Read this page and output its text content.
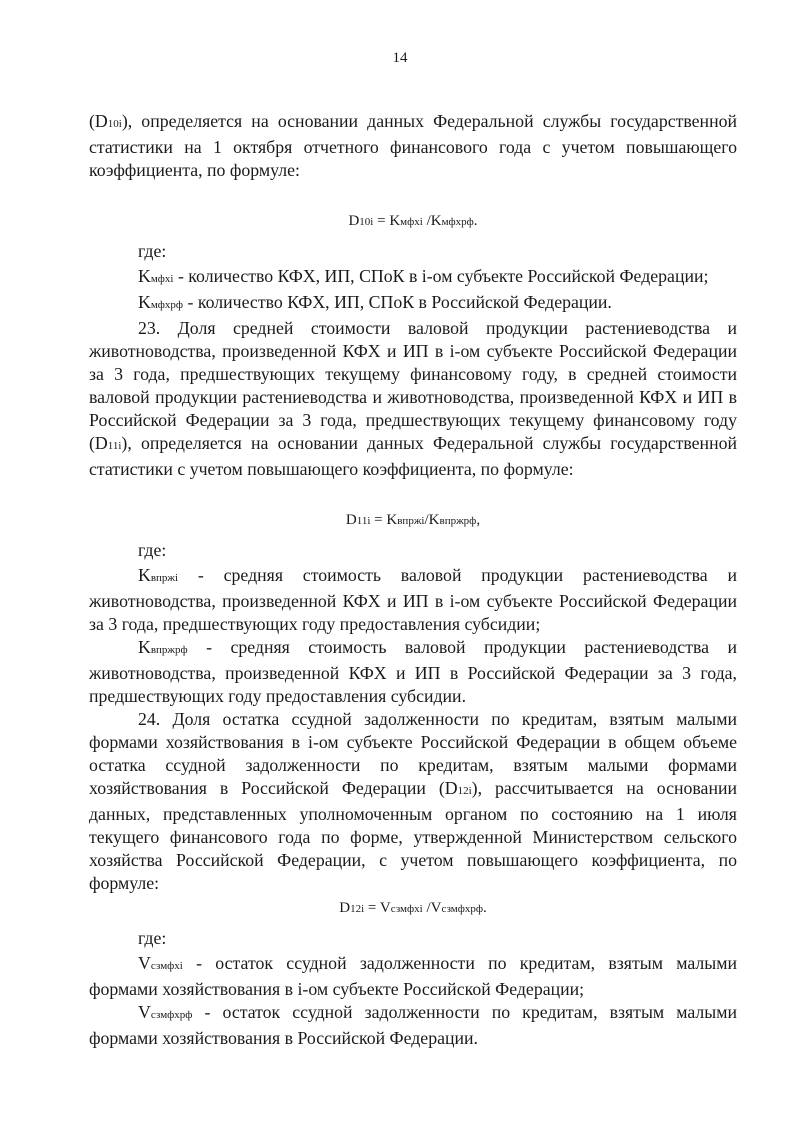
14

(D10i), определяется на основании данных Федеральной службы государственной статистики на 1 октября отчетного финансового года с учетом повышающего коэффициента, по формуле:

D10i = Kмфхi /Kмфхрф.

где:

Kмфхi - количество КФХ, ИП, СПоК в i-ом субъекте Российской Федерации;

Kмфхрф - количество КФХ, ИП, СПоК в Российской Федерации.

23. Доля средней стоимости валовой продукции растениеводства и животноводства, произведенной КФХ и ИП в i-ом субъекте Российской Федерации за 3 года, предшествующих текущему финансовому году, в средней стоимости валовой продукции растениеводства и животноводства, произведенной КФХ и ИП в Российской Федерации за 3 года, предшествующих текущему финансовому году (D11i), определяется на основании данных Федеральной службы государственной статистики с учетом повышающего коэффициента, по формуле:

D11i = Kвпржi/Kвпржрф,

где:

Kвпржi - средняя стоимость валовой продукции растениеводства и животноводства, произведенной КФХ и ИП в i-ом субъекте Российской Федерации за 3 года, предшествующих году предоставления субсидии;

Kвпржрф - средняя стоимость валовой продукции растениеводства и животноводства, произведенной КФХ и ИП в Российской Федерации за 3 года, предшествующих году предоставления субсидии.

24. Доля остатка ссудной задолженности по кредитам, взятым малыми формами хозяйствования в i-ом субъекте Российской Федерации в общем объеме остатка ссудной задолженности по кредитам, взятым малыми формами хозяйствования в Российской Федерации (D12i), рассчитывается на основании данных, представленных уполномоченным органом по состоянию на 1 июля текущего финансового года по форме, утвержденной Министерством сельского хозяйства Российской Федерации, с учетом повышающего коэффициента, по формуле:

D12i = Vсзмфхi /Vсзмфхрф.

где:

Vсзмфхi - остаток ссудной задолженности по кредитам, взятым малыми формами хозяйствования в i-ом субъекте Российской Федерации;

Vсзмфхрф - остаток ссудной задолженности по кредитам, взятым малыми формами хозяйствования в Российской Федерации.
